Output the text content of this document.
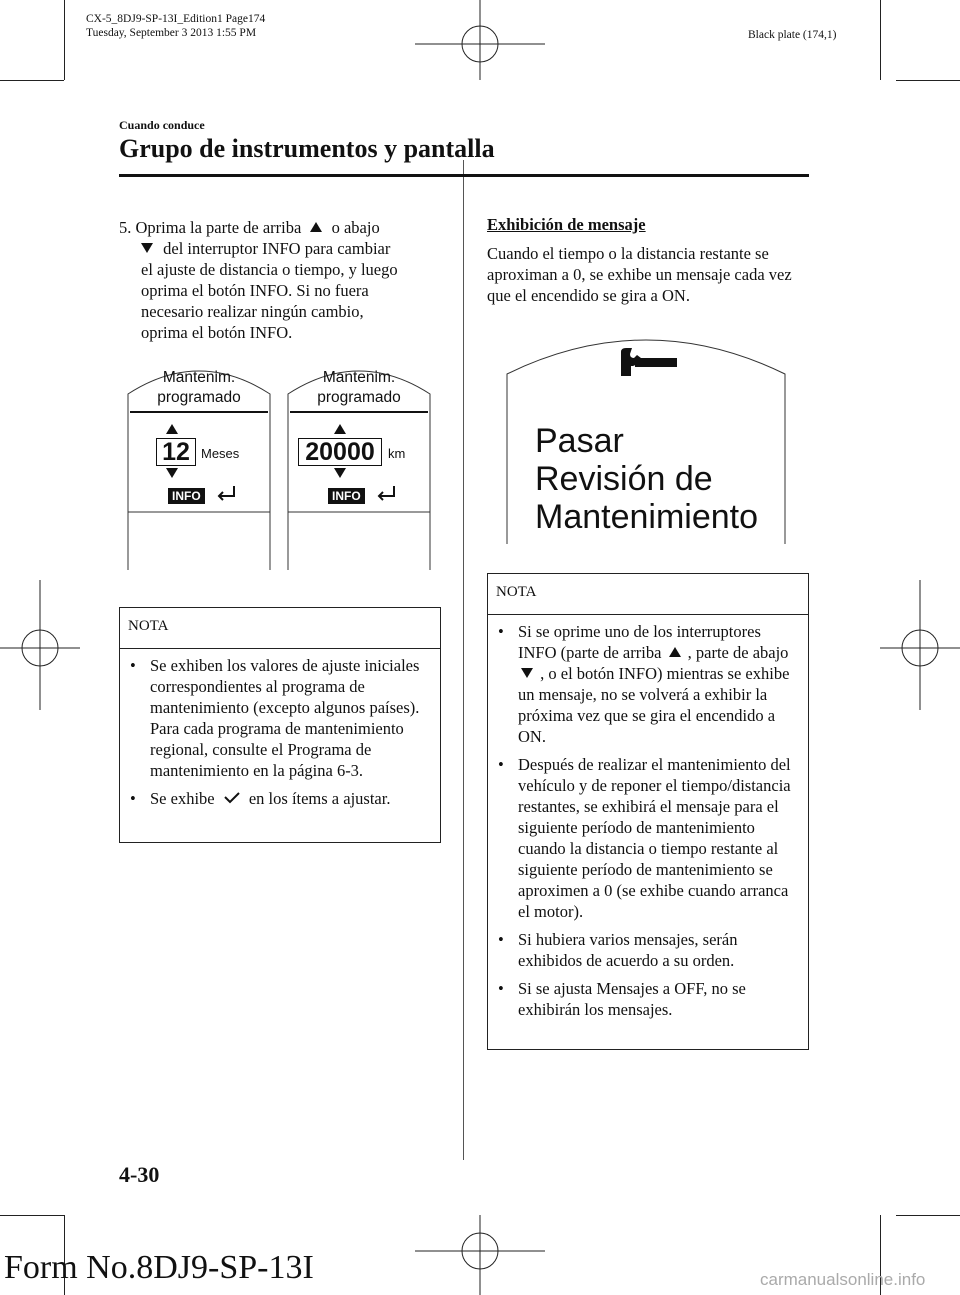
CX-5_8DJ9-SP-13I_Edition1 Page174
Tuesday, September 3 2013 1:55 PM	Black plate (174,1)
Cuando conduce
Grupo de instrumentos y pantalla
5. Oprima la parte de arriba o abajo
del interruptor INFO para cambiar
el ajuste de distancia o tiempo, y luego
oprima el botón INFO. Si no fuera
necesario realizar ningún cambio,
oprima el botón INFO.
Mantenim.
programado
12 Meses
INFO
Mantenim.
programado
20000	km
INFO
NOTA
• Se exhiben los valores de ajuste iniciales correspondientes al programa de mantenimiento (excepto algunos países). Para cada programa de mantenimiento regional, consulte el Programa de mantenimiento en la página 6-3.
• Se exhibe en los ítems a ajustar.
Exhibición de mensaje
Cuando el tiempo o la distancia restante se aproximan a 0, se exhibe un mensaje cada vez que el encendido se gira a ON.
Pasar
Revisión de
Mantenimiento
NOTA
• Si se oprime uno de los interruptores INFO (parte de arriba , parte de abajo  , o el botón INFO) mientras se exhibe un mensaje, no se volverá a exhibir la próxima vez que se gira el encendido a ON.
• Después de realizar el mantenimiento del vehículo y de reponer el tiempo/distancia restantes, se exhibirá el mensaje para el siguiente período de mantenimiento cuando la distancia o tiempo restante al siguiente período de mantenimiento se aproximen a 0 (se exhibe cuando arranca el motor).
• Si hubiera varios mensajes, serán exhibidos de acuerdo a su orden.
• Si se ajusta Mensajes a OFF, no se exhibirán los mensajes.
4-30
Form No.8DJ9-SP-13I	carmanualsonline.info
